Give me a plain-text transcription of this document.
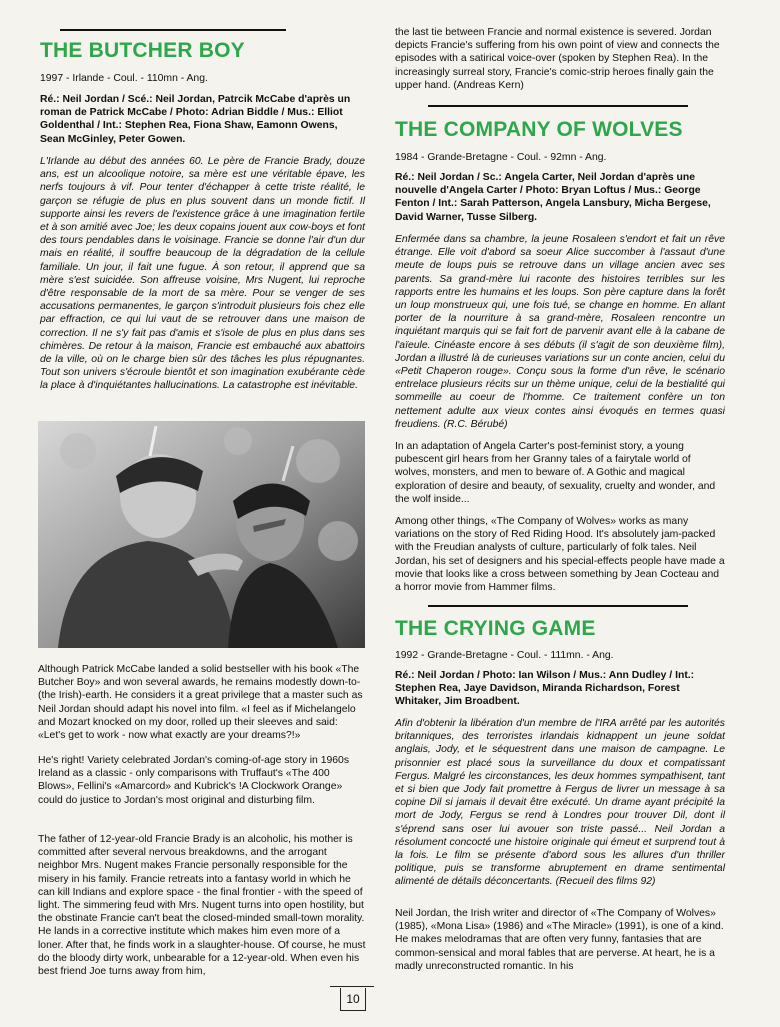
THE BUTCHER BOY
1997 - Irlande - Coul. - 110mn - Ang.

Ré.: Neil Jordan / Scé.: Neil Jordan, Patrcik McCabe d'après un roman de Patrick McCabe / Photo: Adrian Biddle / Mus.: Elliot Goldenthal / Int.: Stephen Rea, Fiona Shaw, Eamonn Owens, Sean McGinley, Peter Gowen.

L'Irlande au début des années 60. Le père de Francie Brady, douze ans, est un alcoolique notoire, sa mère est une véritable épave, les nerfs toujours à vif. Pour tenter d'échapper à cette triste réalité, le garçon se réfugie de plus en plus souvent dans un monde fictif. Il supporte ainsi les revers de l'existence grâce à une imagination fertile et à son amitié avec Joe; les deux copains jouent aux cow-boys et font des tours pendables dans le voisinage. Francie se donne l'air d'un dur mais en réalité, il souffre beaucoup de la dégradation de la cellule familiale. Un jour, il fait une fugue. À son retour, il apprend que sa mère s'est suicidée. Son affreuse voisine, Mrs Nugent, lui reproche d'être responsable de la mort de sa mère. Pour se venger de ses accusations permanentes, le garçon s'introduit plusieurs fois chez elle par effraction, ce qui lui vaut de se retrouver dans une maison de correction. Il ne s'y fait pas d'amis et s'isole de plus en plus dans ses chimères. De retour à la maison, Francie est embauché aux abattoirs de la ville, où on le charge bien sûr des tâches les plus répugnantes. Tout son univers s'écroule bientôt et son imagination exubérante cède la place à d'inquiétantes hallucinations. La catastrophe est inévitable.

Although Patrick McCabe landed a solid bestseller with his book «The Butcher Boy» and won several awards, he remains modestly down-to-(the Irish)-earth. He considers it a great privilege that a master such as Neil Jordan should adapt his novel into film. «I feel as if Michelangelo and Mozart knocked on my door, rolled up their sleeves and said: «Let's get to work - now what exactly are your dreams?!»

He's right! Variety celebrated Jordan's coming-of-age story in 1960s Ireland as a classic - only comparisons with Truffaut's «The 400 Blows», Fellini's «Amarcord» and Kubrick's !A Clockwork Orange» could do justice to Jordan's most original and disturbing film.

The father of 12-year-old Francie Brady is an alcoholic, his mother is committed after several nervous breakdowns, and the arrogant neighbor Mrs. Nugent makes Francie personally responsible for the misery in his family. Francie retreats into a fantasy world in which he can kill Indians and explore space - the final frontier - with the speed of light. The simmering feud with Mrs. Nugent turns into open hostility, but the obstinate Francie can't beat the closed-minded small-town morality. He lands in a corrective institute which makes him even more of a loner. After that, he finds work in a slaughter-house. Of course, he must do the bloody dirty work, unbearable for a 12-year-old. When even his best friend Joe turns away from him,

the last tie between Francie and normal existence is severed. Jordan depicts Francie's suffering from his own point of view and connects the episodes with a satirical voice-over (spoken by Stephen Rea). In the increasingly surreal story, Francie's comic-strip heroes finally gain the upper hand. (Andreas Kern)

THE COMPANY OF WOLVES
1984 - Grande-Bretagne - Coul. - 92mn - Ang.

Ré.: Neil Jordan / Sc.: Angela Carter, Neil Jordan d'après une nouvelle d'Angela Carter / Photo: Bryan Loftus / Mus.: George Fenton / Int.: Sarah Patterson, Angela Lansbury, Micha Bergese, David Warner, Tusse Silberg.

Enfermée dans sa chambre, la jeune Rosaleen s'endort et fait un rêve étrange. Elle voit d'abord sa soeur Alice succomber à l'assaut d'une meute de loups puis se retrouve dans un village ancien avec ses parents. Sa grand-mère lui raconte des histoires terribles sur les rapports entre les humains et les loups. Son père capture dans la forêt un loup monstrueux qui, une fois tué, se change en homme. En allant porter de la nourriture à sa grand-mère, Rosaleen rencontre un inquiétant marquis qui se fait fort de parvenir avant elle à la cabane de l'aïeule. Cinéaste encore à ses débuts (il s'agit de son deuxième film), Jordan a illustré là de curieuses variations sur un conte ancien, celui du «Petit Chaperon rouge». Conçu sous la forme d'un rêve, le scénario entrelace plusieurs récits sur un thème unique, celui de la bestialité qui sommeille au coeur de l'homme. Ce traitement confère un ton nettement adulte aux vieux contes ainsi évoqués en termes quasi freudiens. (R.C. Bérubé)

In an adaptation of Angela Carter's post-feminist story, a young pubescent girl hears from her Granny tales of a fairytale world of wolves, monsters, and men to beware of. A Gothic and magical exploration of desire and beauty, of sexuality, cruelty and wonder, and the wolf inside...

Among other things, «The Company of Wolves» works as many variations on the story of Red Riding Hood. It's absolutely jam-packed with the Freudian analysts of culture, particularly of folk tales. Neil Jordan, his set of designers and his special-effects people have made a movie that looks like a cross between something by Jean Cocteau and a horror movie from Hammer films.

THE CRYING GAME
1992 - Grande-Bretagne - Coul. - 111mn. - Ang.

Ré.: Neil Jordan / Photo: Ian Wilson / Mus.: Ann Dudley / Int.: Stephen Rea, Jaye Davidson, Miranda Richardson, Forest Whitaker, Jim Broadbent.

Afin d'obtenir la libération d'un membre de l'IRA arrêté par les autorités britanniques, des terroristes irlandais kidnappent un jeune soldat anglais, Jody, et le séquestrent dans une maison de campagne. Le prisonnier est placé sous la surveillance du doux et compatissant Fergus. Malgré les circonstances, les deux hommes sympathisent, tant et si bien que Jody fait promettre à Fergus de livrer un message à sa copine Dil si jamais il devait être exécuté. Un drame ayant précipité la mort de Jody, Fergus se rend à Londres pour trouver Dil, dont il s'éprend sans oser lui avouer son triste passé... Neil Jordan a résolument concocté une histoire originale qui émeut et surprend tout à la fois. Le film se présente d'abord sous les allures d'un thriller politique, puis se transforme abruptement en drame sentimental alimenté de détails déconcertants. (Recueil des films 92)

Neil Jordan, the Irish writer and director of «The Company of Wolves» (1985), «Mona Lisa» (1986) and «The Miracle» (1991), is one of a kind. He makes melodramas that are often very funny, fantasies that are common-sensical and moral fables that are perverse. At heart, he is a madly unreconstructed romantic. In his

10
